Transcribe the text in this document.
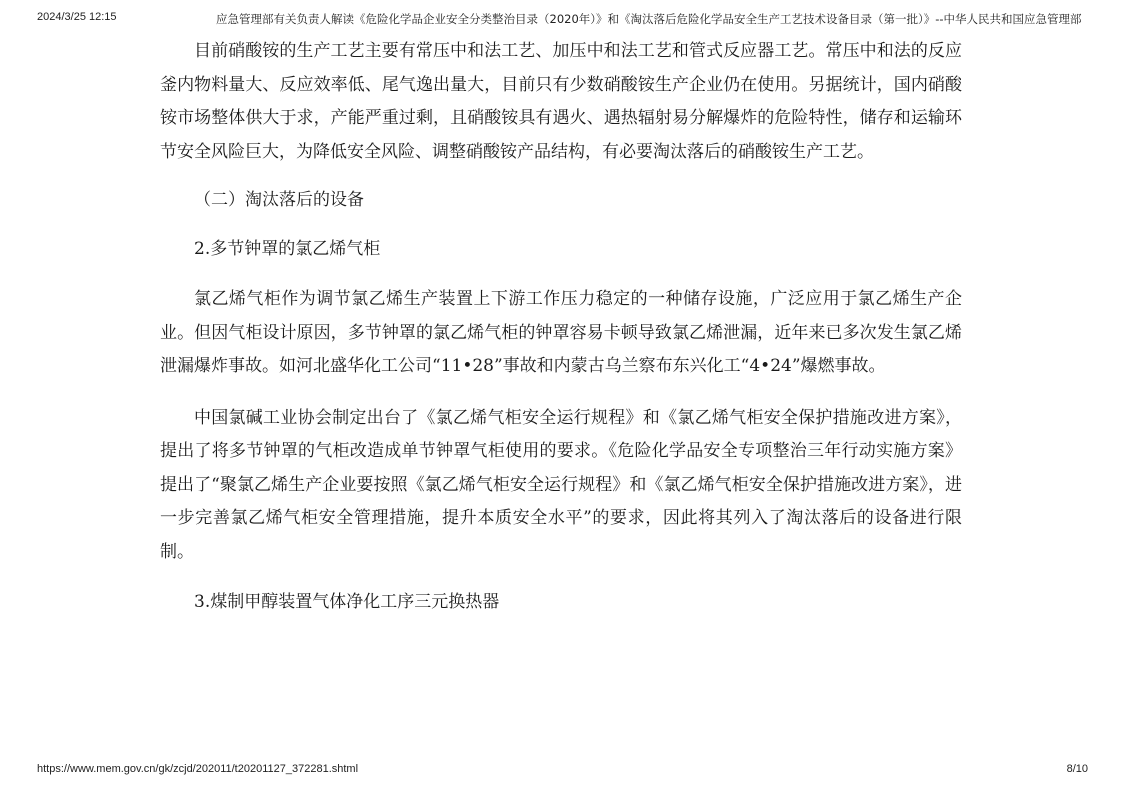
2024/3/25 12:15	应急管理部有关负责人解读《危险化学品企业安全分类整治目录（2020年）》和《淘汰落后危险化学品安全生产工艺技术设备目录（第一批）》--中华人民共和国应急管理部

目前硝酸铵的生产工艺主要有常压中和法工艺、加压中和法工艺和管式反应器工艺。常压中和法的反应釜内物料量大、反应效率低、尾气逸出量大，目前只有少数硝酸铵生产企业仍在使用。另据统计，国内硝酸铵市场整体供大于求，产能严重过剩，且硝酸铵具有遇火、遇热辐射易分解爆炸的危险特性，储存和运输环节安全风险巨大，为降低安全风险、调整硝酸铵产品结构，有必要淘汰落后的硝酸铵生产工艺。

（二）淘汰落后的设备

2.多节钟罩的氯乙烯气柜

氯乙烯气柜作为调节氯乙烯生产装置上下游工作压力稳定的一种储存设施，广泛应用于氯乙烯生产企业。但因气柜设计原因，多节钟罩的氯乙烯气柜的钟罩容易卡顿导致氯乙烯泄漏，近年来已多次发生氯乙烯泄漏爆炸事故。如河北盛华化工公司“11•28”事故和内蒙古乌兰察布东兴化工“4•24”爆燃事故。

中国氯碱工业协会制定出台了《氯乙烯气柜安全运行规程》和《氯乙烯气柜安全保护措施改进方案》，提出了将多节钟罩的气柜改造成单节钟罩气柜使用的要求。《危险化学品安全专项整治三年行动实施方案》提出了“聚氯乙烯生产企业要按照《氯乙烯气柜安全运行规程》和《氯乙烯气柜安全保护措施改进方案》，进一步完善氯乙烯气柜安全管理措施，提升本质安全水平”的要求，因此将其列入了淘汰落后的设备进行限制。

3.煤制甲醇装置气体净化工序三元换热器

https://www.mem.gov.cn/gk/zcjd/202011/t20201127_372281.shtml	8/10
